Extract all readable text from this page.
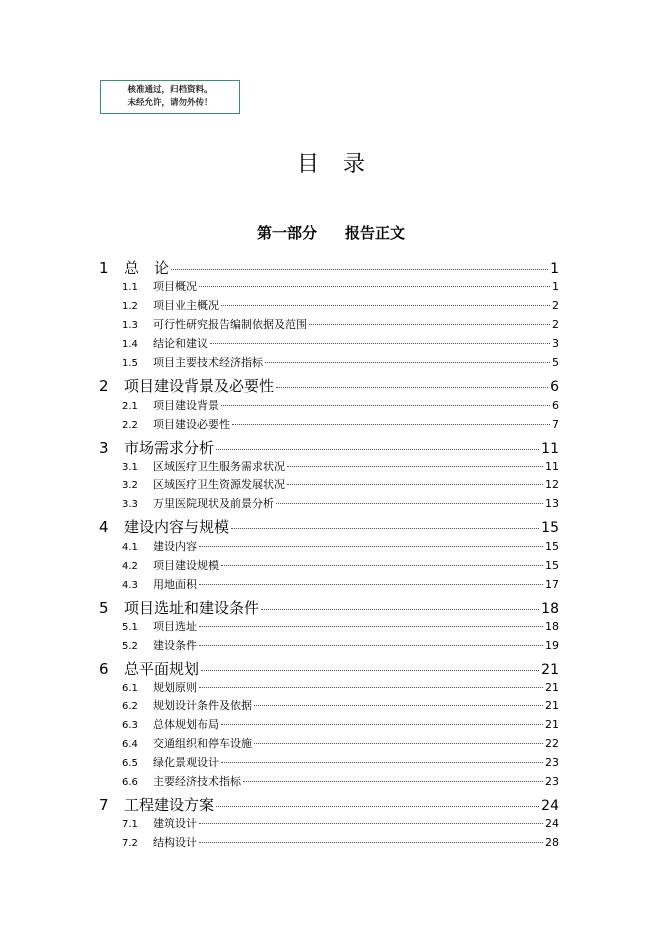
核准通过，归档资料。
未经允许，请勿外传！
目录
第一部分 报告正文
1	总　论	1
1.1	项目概况	1
1.2	项目业主概况	2
1.3	可行性研究报告编制依据及范围	2
1.4	结论和建议	3
1.5	项目主要技术经济指标	5
2	项目建设背景及必要性	6
2.1	项目建设背景	6
2.2	项目建设必要性	7
3	市场需求分析	11
3.1	区域医疗卫生服务需求状况	11
3.2	区域医疗卫生资源发展状况	12
3.3	万里医院现状及前景分析	13
4	建设内容与规模	15
4.1	建设内容	15
4.2	项目建设规模	15
4.3	用地面积	17
5	项目选址和建设条件	18
5.1	项目选址	18
5.2	建设条件	19
6	总平面规划	21
6.1	规划原则	21
6.2	规划设计条件及依据	21
6.3	总体规划布局	21
6.4	交通组织和停车设施	22
6.5	绿化景观设计	23
6.6	主要经济技术指标	23
7	工程建设方案	24
7.1	建筑设计	24
7.2	结构设计	28
